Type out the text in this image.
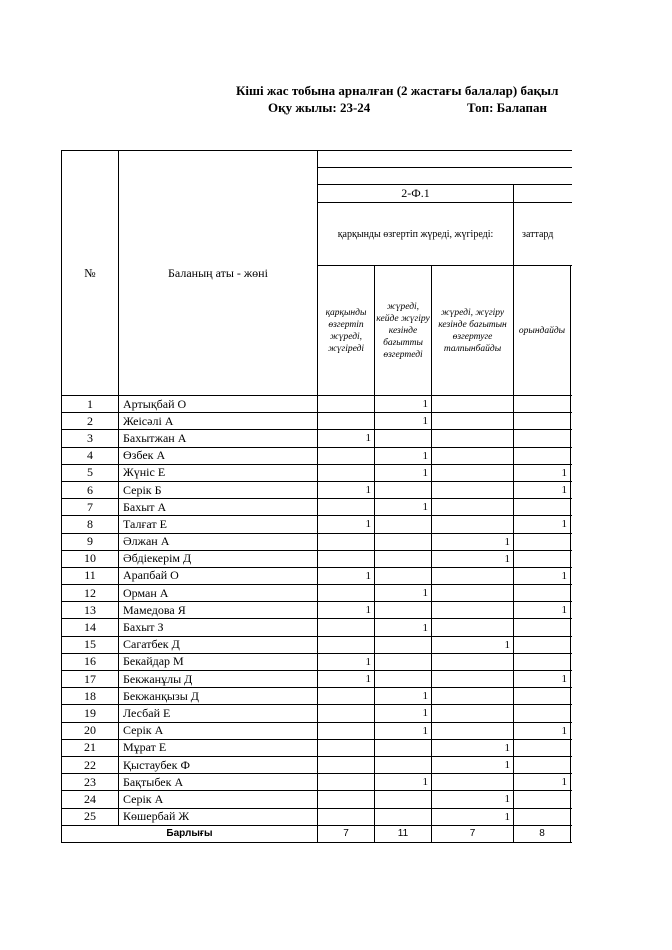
Кіші жас тобына арналған (2 жастағы балалар) бақыл
Оқу жылы: 23-24	Топ: Балапан
№	Баланың аты - жөні					

		2-Ф.1				
		қарқынды өзгертіп жүреді, жүгіреді:			заттард	
		қарқынды өзгертіп жүреді, жүгіреді	жүреді, кейде жүгіру кезінде бағытты өзгертеді	жүреді, жүгіру кезінде бағытын өзгертуге талпынбайды	орындайды	
1	Артықбай О		1			
2	Жеісәлі А		1			
3	Бахытжан А	1				
4	Өзбек А		1			
5	Жүніс Е		1		1	
6	Серік Б	1			1	
7	Бахыт А		1			
8	Талғат Е	1			1	
9	Әлжан А			1		
10	Әбдіекерім Д			1		
11	Арапбай О	1			1	
12	Орман А		1			
13	Мамедова Я	1			1	
14	Бахыт З		1			
15	Сагатбек Д			1		
16	Бекайдар М	1				
17	Бекжанұлы Д	1			1	
18	Бекжанқызы Д		1			
19	Лесбай Е		1			
20	Серік А		1		1	
21	Мұрат Е			1		
22	Қыстаубек Ф			1		
23	Бақтыбек А		1		1	
24	Серік А			1		
25	Көшербай Ж			1		
Барлығы		7	11	7	8	
